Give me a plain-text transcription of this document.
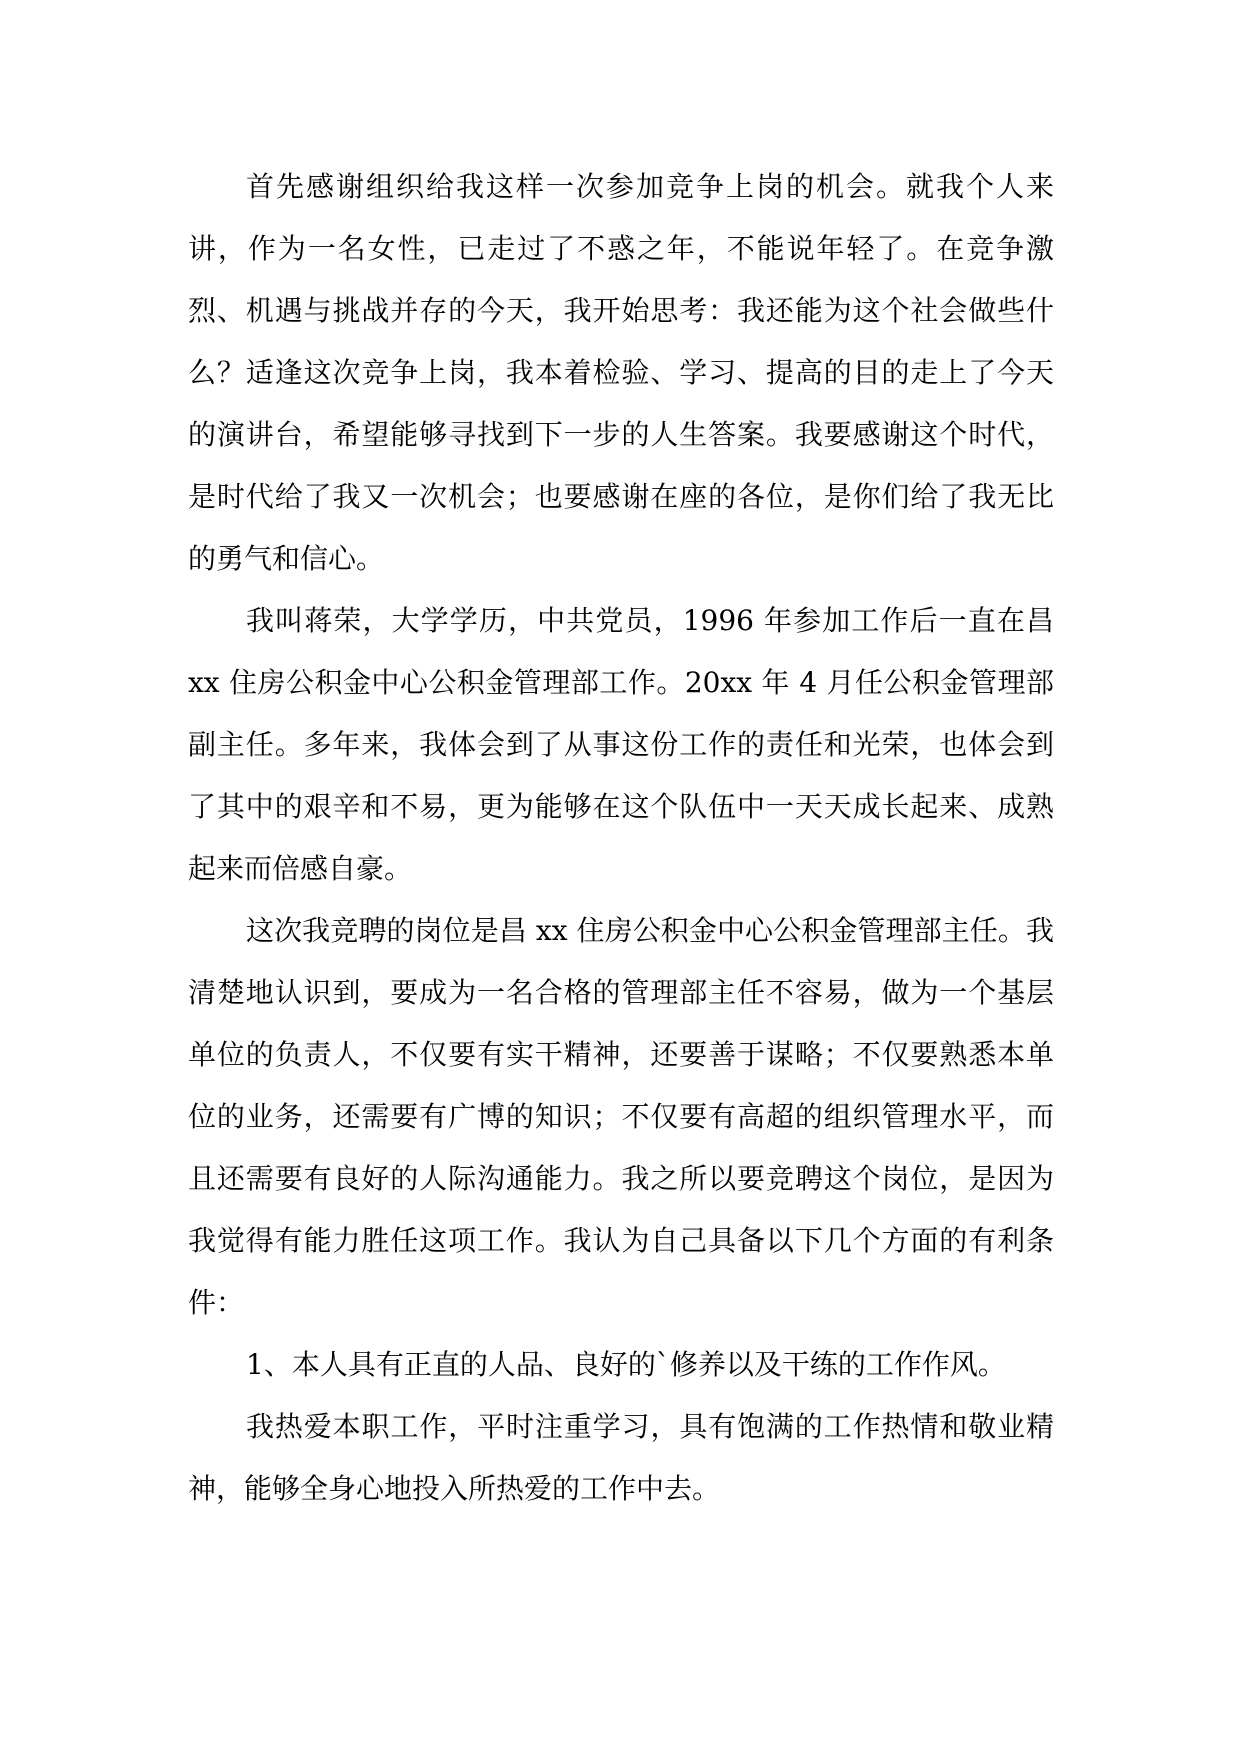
首先感谢组织给我这样一次参加竞争上岗的机会。就我个人来讲，作为一名女性，已走过了不惑之年，不能说年轻了。在竞争激烈、机遇与挑战并存的今天，我开始思考：我还能为这个社会做些什么？适逢这次竞争上岗，我本着检验、学习、提高的目的走上了今天的演讲台，希望能够寻找到下一步的人生答案。我要感谢这个时代，是时代给了我又一次机会；也要感谢在座的各位，是你们给了我无比的勇气和信心。

我叫蒋荣，大学学历，中共党员，1996 年参加工作后一直在昌 xx 住房公积金中心公积金管理部工作。20xx 年 4 月任公积金管理部副主任。多年来，我体会到了从事这份工作的责任和光荣，也体会到了其中的艰辛和不易，更为能够在这个队伍中一天天成长起来、成熟起来而倍感自豪。

这次我竞聘的岗位是昌 xx 住房公积金中心公积金管理部主任。我清楚地认识到，要成为一名合格的管理部主任不容易，做为一个基层单位的负责人，不仅要有实干精神，还要善于谋略；不仅要熟悉本单位的业务，还需要有广博的知识；不仅要有高超的组织管理水平，而且还需要有良好的人际沟通能力。我之所以要竞聘这个岗位，是因为我觉得有能力胜任这项工作。我认为自己具备以下几个方面的有利条件：

1、本人具有正直的人品、良好的`修养以及干练的工作作风。

我热爱本职工作，平时注重学习，具有饱满的工作热情和敬业精神，能够全身心地投入所热爱的工作中去。
